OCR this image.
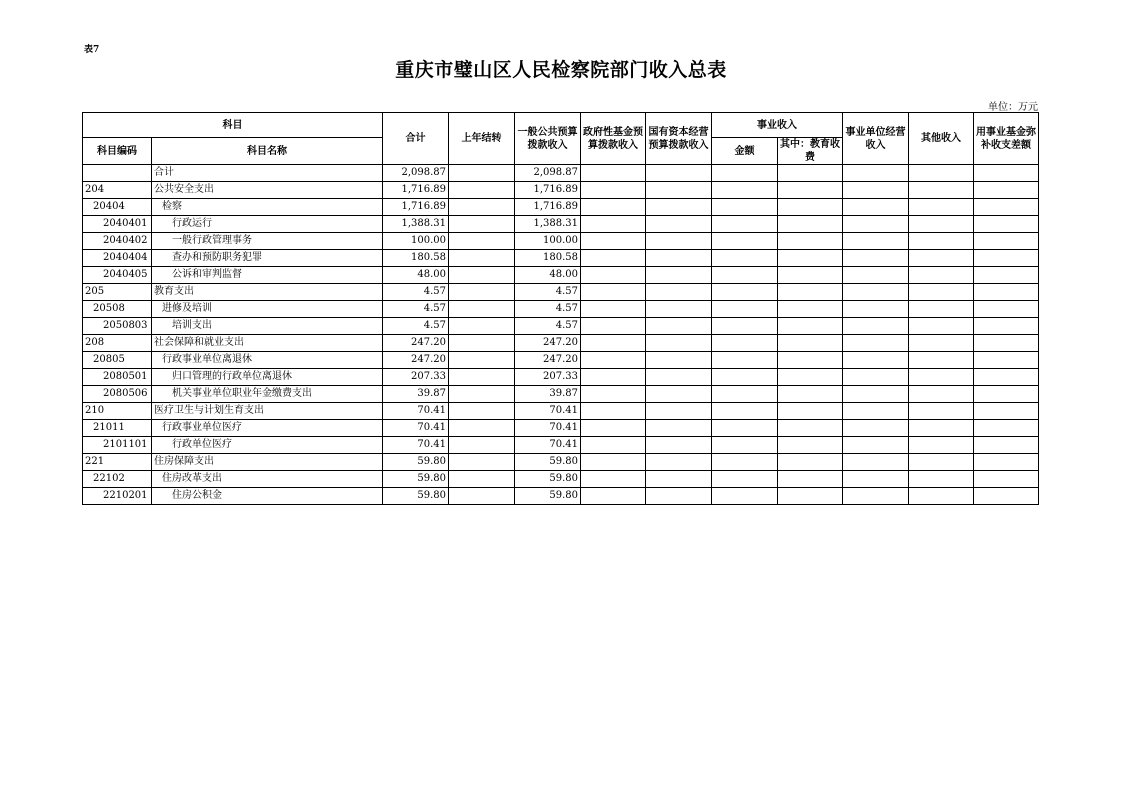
表7
重庆市璧山区人民检察院部门收入总表
单位：万元
科目		合计	上年结转	一般公共预算拨款收入	政府性基金预算拨款收入	国有资本经营预算拨款收入	事业收入		事业单位经营收入	其他收入	用事业基金弥补收支差额
科目编码	科目名称						金额	其中：教育收费			
	合计	2,098.87		2,098.87							
204	公共安全支出	1,716.89		1,716.89							
20404	检察	1,716.89		1,716.89							
2040401	行政运行	1,388.31		1,388.31							
2040402	一般行政管理事务	100.00		100.00							
2040404	查办和预防职务犯罪	180.58		180.58							
2040405	公诉和审判监督	48.00		48.00							
205	教育支出	4.57		4.57							
20508	进修及培训	4.57		4.57							
2050803	培训支出	4.57		4.57							
208	社会保障和就业支出	247.20		247.20							
20805	行政事业单位离退休	247.20		247.20							
2080501	归口管理的行政单位离退休	207.33		207.33							
2080506	机关事业单位职业年金缴费支出	39.87		39.87							
210	医疗卫生与计划生育支出	70.41		70.41							
21011	行政事业单位医疗	70.41		70.41							
2101101	行政单位医疗	70.41		70.41							
221	住房保障支出	59.80		59.80							
22102	住房改革支出	59.80		59.80							
2210201	住房公积金	59.80		59.80							
